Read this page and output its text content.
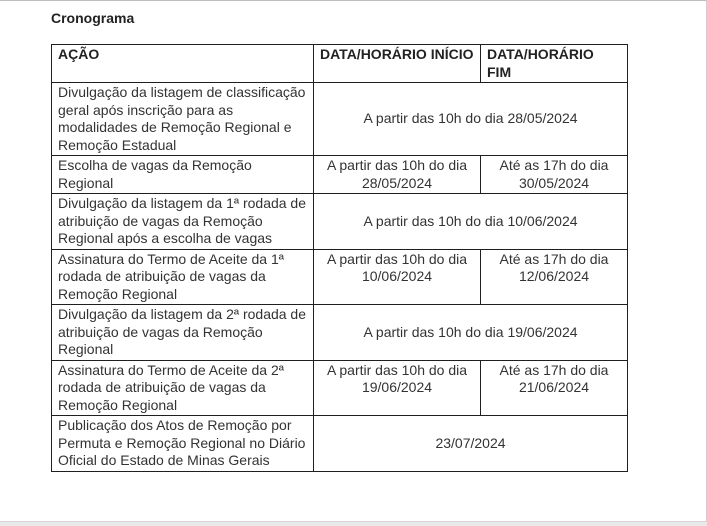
Cronograma
AÇÃO	DATA/HORÁRIO INÍCIO	DATA/HORÁRIO FIM
Divulgação da listagem de classificação geral após inscrição para as modalidades de Remoção Regional e Remoção Estadual	A partir das 10h do dia 28/05/2024	
Escolha de vagas da Remoção Regional	A partir das 10h do dia 28/05/2024	Até as 17h do dia 30/05/2024
Divulgação da listagem da 1ª rodada de atribuição de vagas da Remoção Regional após a escolha de vagas	A partir das 10h do dia 10/06/2024	
Assinatura do Termo de Aceite da 1ª rodada de atribuição de vagas da Remoção Regional	A partir das 10h do dia 10/06/2024	Até as 17h do dia 12/06/2024
Divulgação da listagem da 2ª rodada de atribuição de vagas da Remoção Regional	A partir das 10h do dia 19/06/2024	
Assinatura do Termo de Aceite da 2ª rodada de atribuição de vagas da Remoção Regional	A partir das 10h do dia 19/06/2024	Até as 17h do dia 21/06/2024
Publicação dos Atos de Remoção por Permuta e Remoção Regional no Diário Oficial do Estado de Minas Gerais	23/07/2024	
